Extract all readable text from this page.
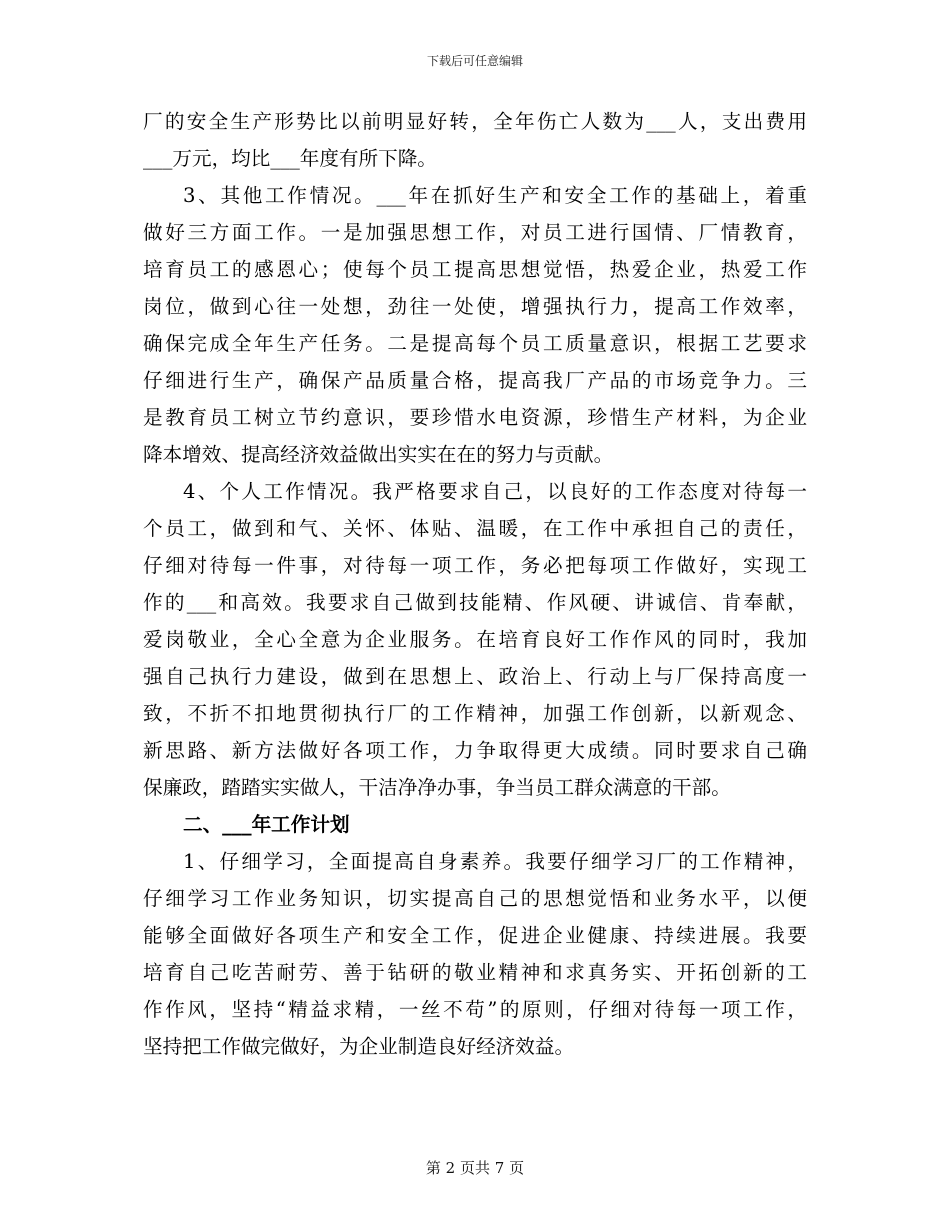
下载后可任意编辑
厂的安全生产形势比以前明显好转，全年伤亡人数为___人，支出费用
___万元，均比___年度有所下降。
3、其他工作情况。___年在抓好生产和安全工作的基础上，着重
做好三方面工作。一是加强思想工作，对员工进行国情、厂情教育，
培育员工的感恩心；使每个员工提高思想觉悟，热爱企业，热爱工作
岗位，做到心往一处想，劲往一处使，增强执行力，提高工作效率，
确保完成全年生产任务。二是提高每个员工质量意识，根据工艺要求
仔细进行生产，确保产品质量合格，提高我厂产品的市场竞争力。三
是教育员工树立节约意识，要珍惜水电资源，珍惜生产材料，为企业
降本增效、提高经济效益做出实实在在的努力与贡献。
4、个人工作情况。我严格要求自己，以良好的工作态度对待每一
个员工，做到和气、关怀、体贴、温暖，在工作中承担自己的责任，
仔细对待每一件事，对待每一项工作，务必把每项工作做好，实现工
作的___和高效。我要求自己做到技能精、作风硬、讲诚信、肯奉献，
爱岗敬业，全心全意为企业服务。在培育良好工作作风的同时，我加
强自己执行力建设，做到在思想上、政治上、行动上与厂保持高度一
致，不折不扣地贯彻执行厂的工作精神，加强工作创新，以新观念、
新思路、新方法做好各项工作，力争取得更大成绩。同时要求自己确
保廉政，踏踏实实做人，干洁净净办事，争当员工群众满意的干部。
二、___年工作计划
1、仔细学习，全面提高自身素养。我要仔细学习厂的工作精神，
仔细学习工作业务知识，切实提高自己的思想觉悟和业务水平，以便
能够全面做好各项生产和安全工作，促进企业健康、持续进展。我要
培育自己吃苦耐劳、善于钻研的敬业精神和求真务实、开拓创新的工
作作风，坚持“精益求精，一丝不苟”的原则，仔细对待每一项工作，
坚持把工作做完做好，为企业制造良好经济效益。
第 2 页共 7 页
